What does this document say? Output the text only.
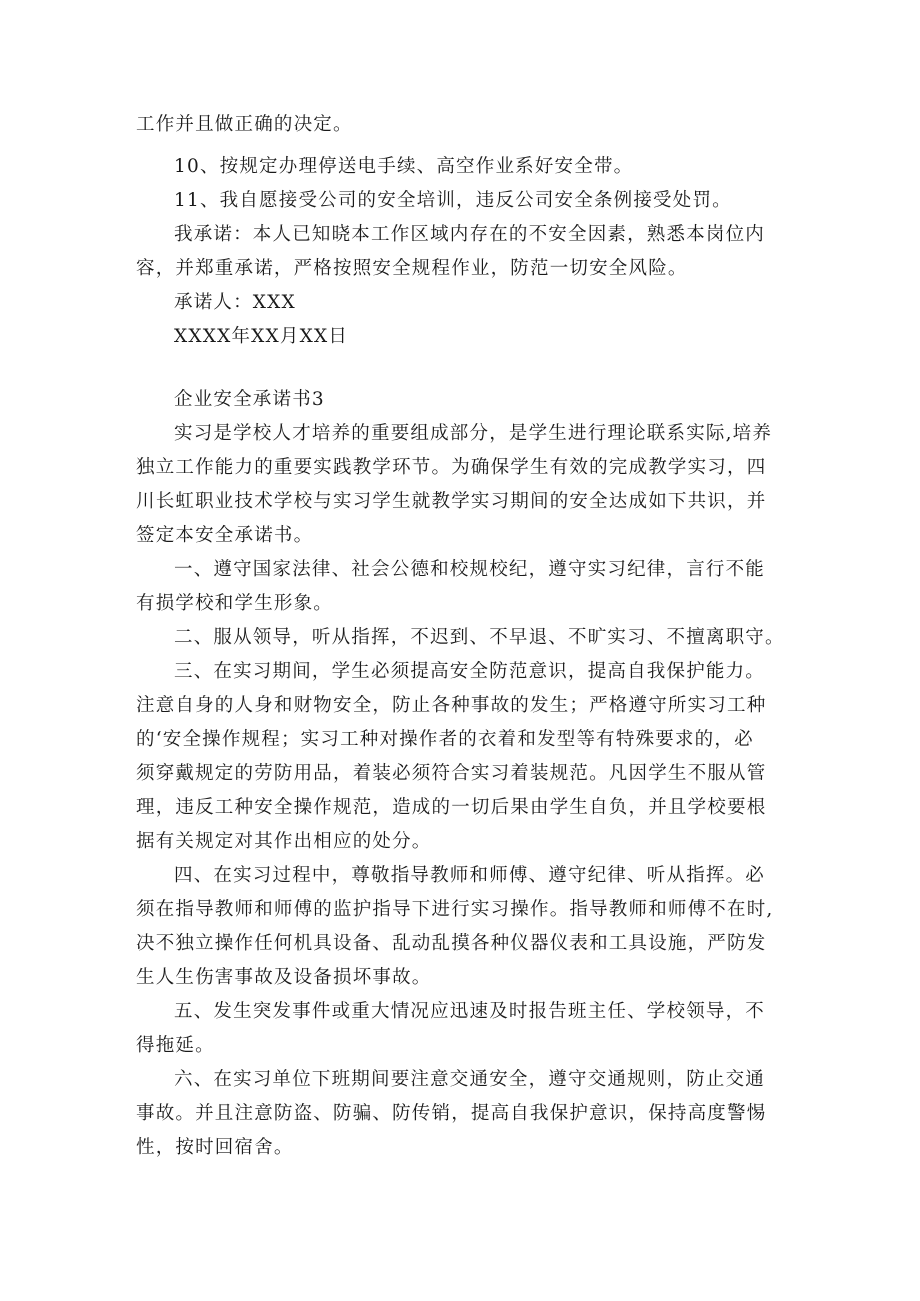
工作并且做正确的决定。
10、按规定办理停送电手续、高空作业系好安全带。
11、我自愿接受公司的安全培训，违反公司安全条例接受处罚。
我承诺：本人已知晓本工作区域内存在的不安全因素，熟悉本岗位内
容，并郑重承诺，严格按照安全规程作业，防范一切安全风险。
承诺人：XXX
XXXX年XX月XX日
企业安全承诺书3
实习是学校人才培养的重要组成部分，是学生进行理论联系实际,培养
独立工作能力的重要实践教学环节。为确保学生有效的完成教学实习，四
川长虹职业技术学校与实习学生就教学实习期间的安全达成如下共识，并
签定本安全承诺书。
一、遵守国家法律、社会公德和校规校纪，遵守实习纪律，言行不能
有损学校和学生形象。
二、服从领导，听从指挥，不迟到、不早退、不旷实习、不擅离职守。
三、在实习期间，学生必须提高安全防范意识，提高自我保护能力。
注意自身的人身和财物安全，防止各种事故的发生；严格遵守所实习工种
的‘安全操作规程；实习工种对操作者的衣着和发型等有特殊要求的，必
须穿戴规定的劳防用品，着装必须符合实习着装规范。凡因学生不服从管
理，违反工种安全操作规范，造成的一切后果由学生自负，并且学校要根
据有关规定对其作出相应的处分。
四、在实习过程中，尊敬指导教师和师傅、遵守纪律、听从指挥。必
须在指导教师和师傅的监护指导下进行实习操作。指导教师和师傅不在时,
决不独立操作任何机具设备、乱动乱摸各种仪器仪表和工具设施，严防发
生人生伤害事故及设备损坏事故。
五、发生突发事件或重大情况应迅速及时报告班主任、学校领导，不
得拖延。
六、在实习单位下班期间要注意交通安全，遵守交通规则，防止交通
事故。并且注意防盗、防骗、防传销，提高自我保护意识，保持高度警惕
性，按时回宿舍。
